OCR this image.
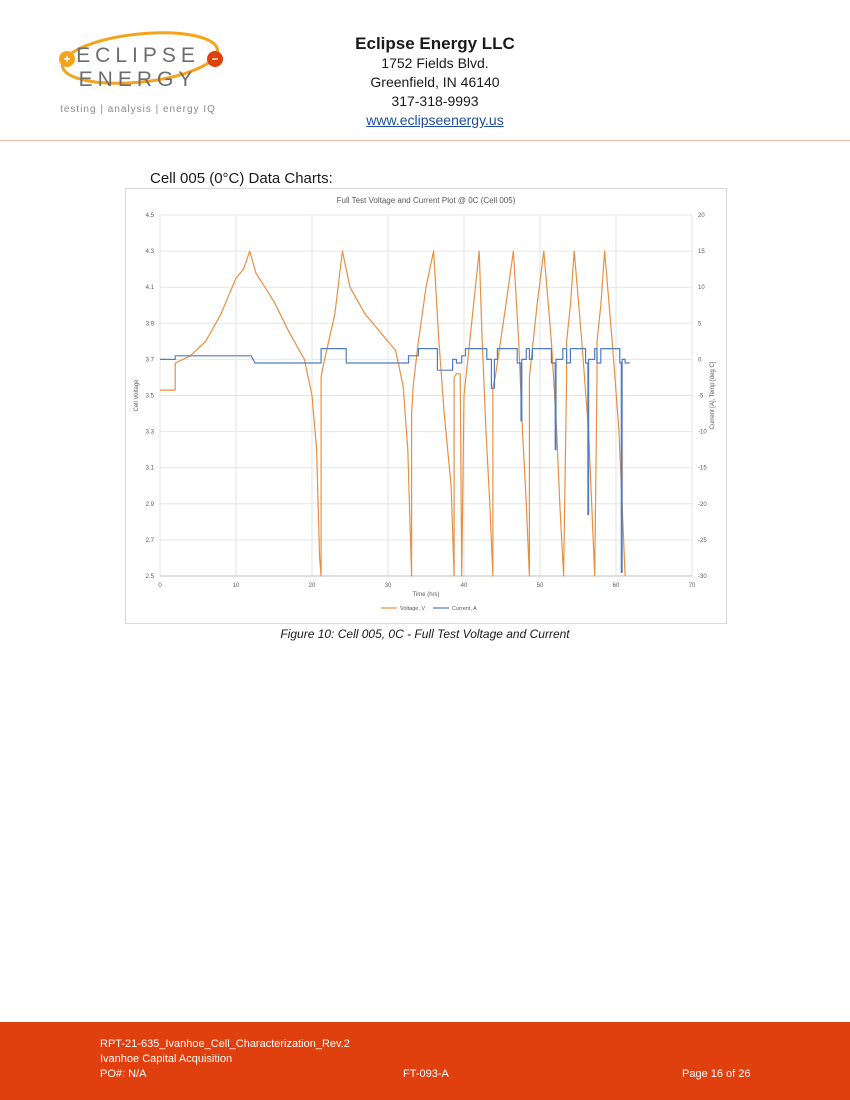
+	−
ECLIPSE
ENERGY
testing | analysis | energy IQ
Eclipse Energy LLC
1752 Fields Blvd.
Greenfield, IN 46140
317-318-9993
www.eclipseenergy.us
Cell 005 (0°C) Data Charts:
0	10	20	30	40	50	60	70
2.5
2.7
2.9
3.1
3.3
3.5
3.7
3.9
4.1
4.3
4.5
-30
-25
-20
-15
-10
-5
0
5
10
15
20
Full Test Voltage and Current Plot @ 0C (Cell 005)
Time (hrs)
Cell Voltage	Current [A], Temp [deg C]
Voltage, V	Current, A
Figure 10: Cell 005, 0C - Full Test Voltage and Current
RPT-21-635_Ivanhoe_Cell_Characterization_Rev.2
Ivanhoe Capital Acquisition
PO#: N/A	FT-093-A	Page 16 of 26
